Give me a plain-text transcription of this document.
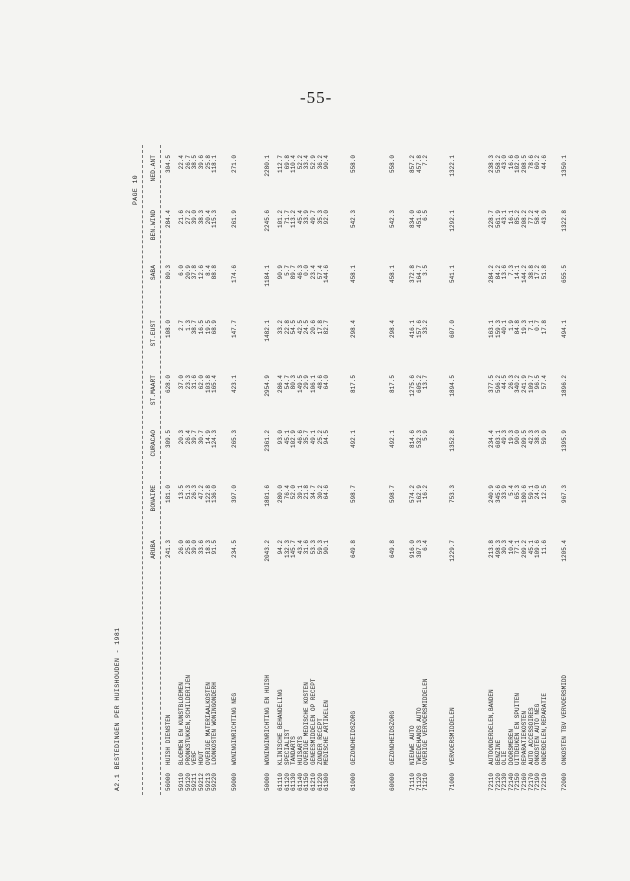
-55-
A2.1 BESTEDINGEN PER HUISHOUDEN - 1981
PAGE 10
ARUBA
BONAIRE
CURACAO
ST.MAART
ST.EUST
SABA
BEN.WIND
NED.ANT
56000
HUISH DIENSTEN
241.3
181.0
309.5
628.0
108.0
80.3
284.4
304.5
59110
BLOEMEN EN KUNSTBLOEMEN
26.0
13.5
20.3
37.0
2.7
6.0
21.6
22.4
59120
PRONKSTUKKEN,SCHILDERIJEN
25.8
51.3
26.4
23.3
1.3
20.9
27.2
26.7
59211
VERF
39.0
26.3
39.7
31.6
38.7
37.8
39.0
38.5
59212
HOUT
33.6
47.2
30.7
62.0
16.5
12.6
38.3
39.6
59213
OVERIGE MATERIAALKOSTEN
18.3
122.8
14.9
103.8
19.5
8.4
20.4
25.8
59220
LOONKOSTEN WONINGONDERH
91.5
136.0
124.3
165.4
68.9
88.8
115.3
118.1
59000
WONINGINRICHTING NEG
234.5
397.0
265.3
423.1
147.7
174.6
261.9
271.0
50000
WONINGINRICHTING EN HUISH
2043.2
1801.6
2361.2
2954.9
1482.1
1184.1
2245.6
2280.1
61110
KLINISCHE BEHANDELING
94.2
280.0
93.0
286.4
33.2
90.9
101.2
112.7
61120
SPECIALIST
132.3
76.4
45.1
54.7
22.8
5.7
71.7
69.8
61130
TANDARTS
145.7
52.0
102.9
80.3
54.5
89.7
113.2
110.4
61140
HUISARTS
43.4
39.1
46.6
149.5
42.5
46.3
45.4
52.2
61150
OVERIGE MEDISCHE KOSTEN
31.6
21.8
35.7
29.9
24.5
0.0
33.9
33.4
61210
GENEESMIDDELEN OP RECEPT
53.3
34.7
49.1
106.1
20.6
23.4
49.7
52.9
61220
ZONDER RECEPT
59.3
30.2
25.2
48.6
17.8
57.4
35.3
36.2
61300
MEDISCHE ARTIKELEN
90.1
64.6
94.5
64.0
82.7
144.6
92.0
90.4
61000
GEZONDHEIDSZORG
649.8
598.7
492.1
817.5
298.4
458.1
542.3
558.0
60000
GEZONDHEIDSZORG
649.8
598.7
492.1
817.5
298.4
458.1
542.3
558.0
71110
NIEUWE AUTO
916.0
574.2
814.6
1275.6
416.1
372.8
834.0
857.2
71120
TWEEDEHANDS AUTO
307.3
162.9
532.3
605.2
157.6
164.7
451.6
457.8
71210
OVERIGE VERVOERSMIDDELEN
6.4
16.2
5.9
13.7
33.2
3.5
6.5
7.2
71000
VERVOERSMIDDELEN
1229.7
753.3
1352.8
1894.5
607.0
541.1
1292.1
1322.1
72110
AUTOONDERDELEN,BANDEN
213.8
240.9
234.4
377.5
163.1
284.2
228.7
238.3
72120
BENZINE
498.3
345.6
603.1
596.2
159.3
84.2
561.9
558.2
72130
OLIE
30.3
33.9
49.3
44.5
40.1
13.6
43.1
43.0
72140
DOORSMEREN
10.4
5.4
19.3
26.3
1.9
7.3
16.1
16.6
72150
UITDEUKEN EN SPUITEN
77.1
65.3
90.0
340.2
84.8
14.1
85.2
102.0
72160
REPARATIEKOSTEN
209.2
180.6
209.5
241.9
19.3
144.2
208.2
208.5
72170
AUTO ACCESSOIRES
45.1
59.1
42.3
109.7
7.1
38.8
77.2
78.6
72190
ONKOSTEN AUTO NEG
109.6
24.0
38.3
96.5
0.7
17.2
58.4
60.2
72210
ONDERDELEN,REPARATIE
11.6
12.5
59.9
57.4
17.8
51.8
43.9
44.6
72000
ONKOSTEN TBV VERVOERSMIDD
1205.4
967.3
1395.9
1896.2
494.1
655.5
1322.8
1350.1
